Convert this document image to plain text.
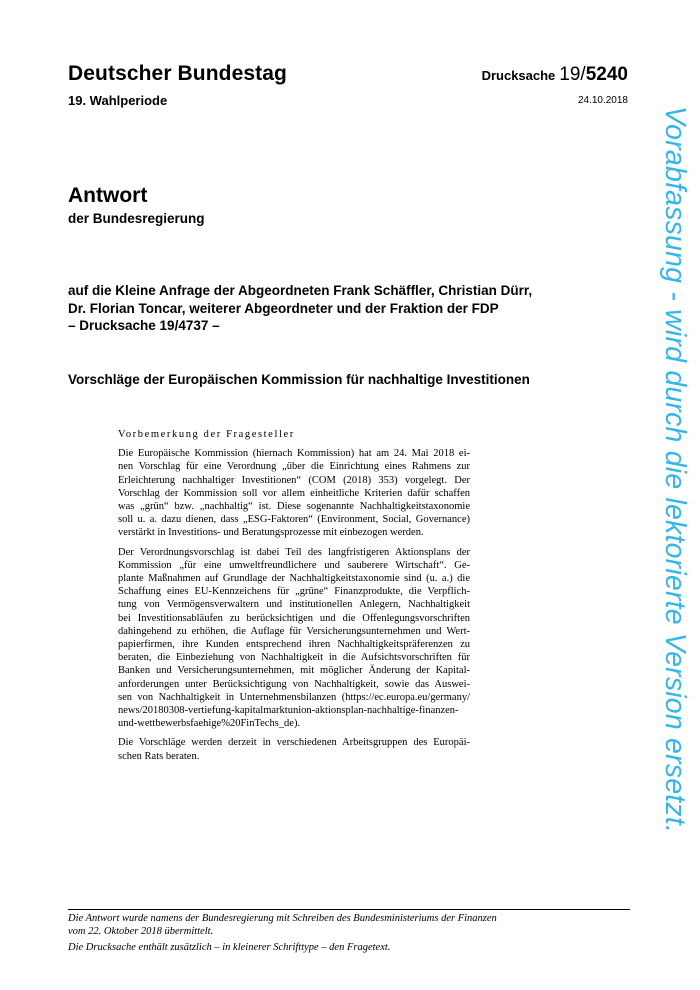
Deutscher Bundestag
19. Wahlperiode
Drucksache 19/5240
24.10.2018
Vorabfassung - wird durch die lektorierte Version ersetzt.
Antwort
der Bundesregierung
auf die Kleine Anfrage der Abgeordneten Frank Schäffler, Christian Dürr,
Dr. Florian Toncar, weiterer Abgeordneter und der Fraktion der FDP
– Drucksache 19/4737 –
Vorschläge der Europäischen Kommission für nachhaltige Investitionen
Vorbemerkung der Fragesteller
Die Europäische Kommission (hiernach Kommission) hat am 24. Mai 2018 ei-
nen Vorschlag für eine Verordnung „über die Einrichtung eines Rahmens zur
Erleichterung nachhaltiger Investitionen“ (COM (2018) 353) vorgelegt. Der
Vorschlag der Kommission soll vor allem einheitliche Kriterien dafür schaffen
was „grün“ bzw. „nachhaltig“ ist. Diese sogenannte Nachhaltigkeitstaxonomie
soll u. a. dazu dienen, dass „ESG-Faktoren“ (Environment, Social, Governance)
verstärkt in Investitions- und Beratungsprozesse mit einbezogen werden.
Der Verordnungsvorschlag ist dabei Teil des langfristigeren Aktionsplans der
Kommission „für eine umweltfreundlichere und sauberere Wirtschaft“. Ge-
plante Maßnahmen auf Grundlage der Nachhaltigkeitstaxonomie sind (u. a.) die
Schaffung eines EU-Kennzeichens für „grüne“ Finanzprodukte, die Verpflich-
tung von Vermögensverwaltern und institutionellen Anlegern, Nachhaltigkeit
bei Investitionsabläufen zu berücksichtigen und die Offenlegungsvorschriften
dahingehend zu erhöhen, die Auflage für Versicherungsunternehmen und Wert-
papierfirmen, ihre Kunden entsprechend ihren Nachhaltigkeitspräferenzen zu
beraten, die Einbeziehung von Nachhaltigkeit in die Aufsichtsvorschriften für
Banken und Versicherungsunternehmen, mit möglicher Änderung der Kapital-
anforderungen unter Berücksichtigung von Nachhaltigkeit, sowie das Auswei-
sen von Nachhaltigkeit in Unternehmensbilanzen (https://ec.europa.eu/germany/
news/20180308-vertiefung-kapitalmarktunion-aktionsplan-nachhaltige-finanzen-
und-wettbewerbsfaehige%20FinTechs_de).
Die Vorschläge werden derzeit in verschiedenen Arbeitsgruppen des Europäi-
schen Rats beraten.
Die Antwort wurde namens der Bundesregierung mit Schreiben des Bundesministeriums der Finanzen
vom 22. Oktober 2018 übermittelt.
Die Drucksache enthält zusätzlich – in kleinerer Schrifttype – den Fragetext.
